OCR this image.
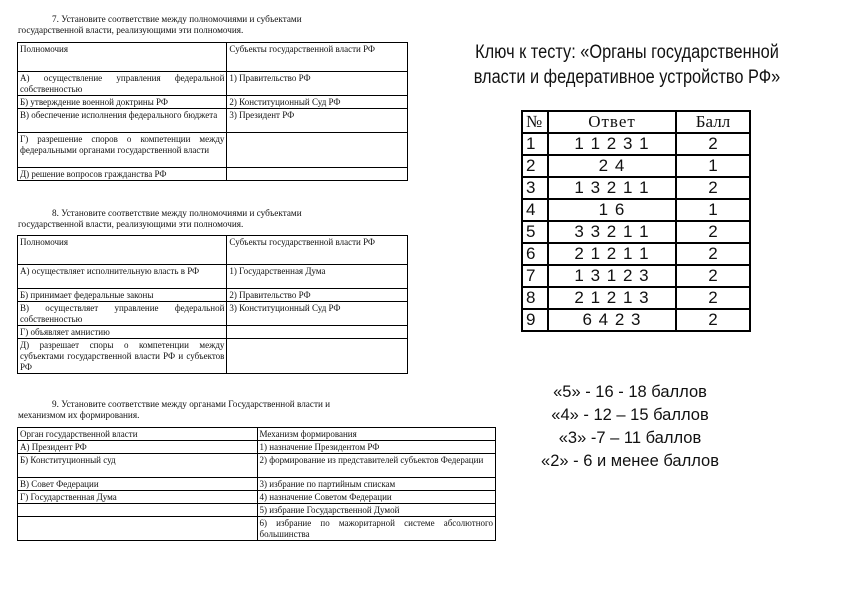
7. Установите соответствие между полномочиями и субъектами
государственной власти, реализующими эти полномочия.
Полномочия	Субъекты государственной власти РФ
А) осуществление управления федеральной собственностью	1) Правительство РФ
Б) утверждение военной доктрины РФ	2) Конституционный Суд РФ
В) обеспечение исполнения федерального бюджета	3) Президент РФ
Г) разрешение споров о компетенции между федеральными органами государственной власти	
Д) решение вопросов гражданства РФ	
8. Установите соответствие между полномочиями и субъектами
государственной власти, реализующими эти полномочия.
Полномочия	Субъекты государственной власти РФ
А) осуществляет исполнительную власть в РФ	1) Государственная Дума
Б) принимает федеральные законы	2) Правительство РФ
В) осуществляет управление федеральной собственностью	3) Конституционный Суд РФ
Г) объявляет амнистию	
Д) разрешает споры о компетенции между субъектами государственной власти РФ и субъектов РФ	
9. Установите соответствие между органами Государственной власти и
механизмом их формирования.
Орган государственной власти	Механизм формирования
А) Президент РФ	1) назначение Президентом РФ
Б) Конституционный суд	2) формирование из представителей субъектов Федерации
В) Совет Федерации	3) избрание по партийным спискам
Г) Государственная Дума	4) назначение Советом Федерации
	5) избрание Государственной Думой
	6) избрание по мажоритарной системе абсолютного большинства
Ключ к тесту: «Органы государственной
власти и федеративное устройство РФ»
№	Ответ	Балл
1	1 1 2 3 1	2
2	2 4	1
3	1 3 2 1 1	2
4	1 6	1
5	3 3 2 1 1	2
6	2 1 2 1 1	2
7	1 3 1 2 3	2
8	2 1 2 1 3	2
9	6 4 2 3	2
«5» - 16 - 18 баллов
«4» - 12 – 15 баллов
«3» -7 – 11 баллов
«2» - 6 и менее баллов
